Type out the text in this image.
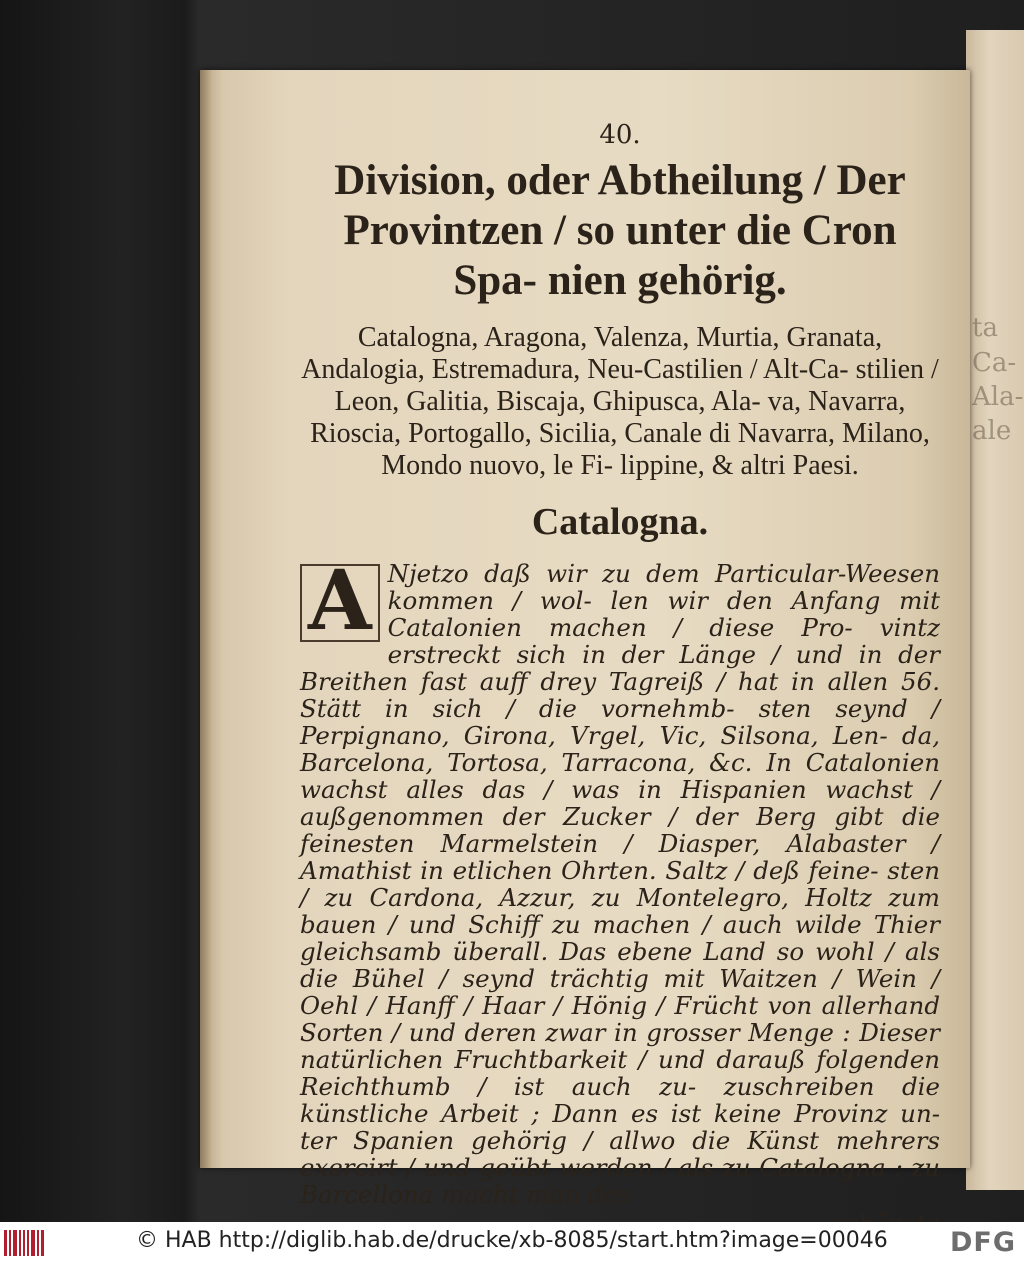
ta
Ca-
Ala-
ale
40.
Division, oder Abtheilung / Der Provintzen / so unter die Cron Spa- nien gehörig.

Catalogna, Aragona, Valenza, Murtia, Granata, Andalogia, Estremadura, Neu-Castilien / Alt-Ca- stilien / Leon, Galitia, Biscaja, Ghipusca, Ala- va, Navarra, Rioscia, Portogallo, Sicilia, Canale di Navarra, Milano, Mondo nuovo, le Fi- lippine, & altri Paesi.

Catalogna.
A Njetzo daß wir zu dem Particular-Weesen kommen / wol- len wir den Anfang mit Catalonien machen / diese Pro- vintz erstreckt sich in der Länge / und in der Breithen fast auff drey Tagreiß / hat in allen 56. Stätt in sich / die vornehmb- sten seynd / Perpignano, Girona, Vrgel, Vic, Silsona, Len- da, Barcelona, Tortosa, Tarracona, &c. In Catalonien wachst alles das / was in Hispanien wachst / außgenommen der Zucker / der Berg gibt die feinesten Marmelstein / Diasper, Alabaster / Amathist in etlichen Ohrten. Saltz / deß feine- sten / zu Cardona, Azzur, zu Montelegro, Holtz zum bauen / und Schiff zu machen / auch wilde Thier gleichsamb überall. Das ebene Land so wohl / als die Bühel / seynd trächtig mit Waitzen / Wein / Oehl / Hanff / Haar / Hönig / Frücht von allerhand Sorten / und deren zwar in grosser Menge : Dieser natürlichen Fruchtbarkeit / und darauß folgenden Reichthumb / ist auch zu- zuschreiben die künstliche Arbeit ; Dann es ist keine Provinz un- ter Spanien gehörig / allwo die Künst mehrers exercirt / und geübt werden / als zu Catalogna ; zu Barcellona macht man das

© HAB http://diglib.hab.de/drucke/xb-8085/start.htm?image=00046 DFG
